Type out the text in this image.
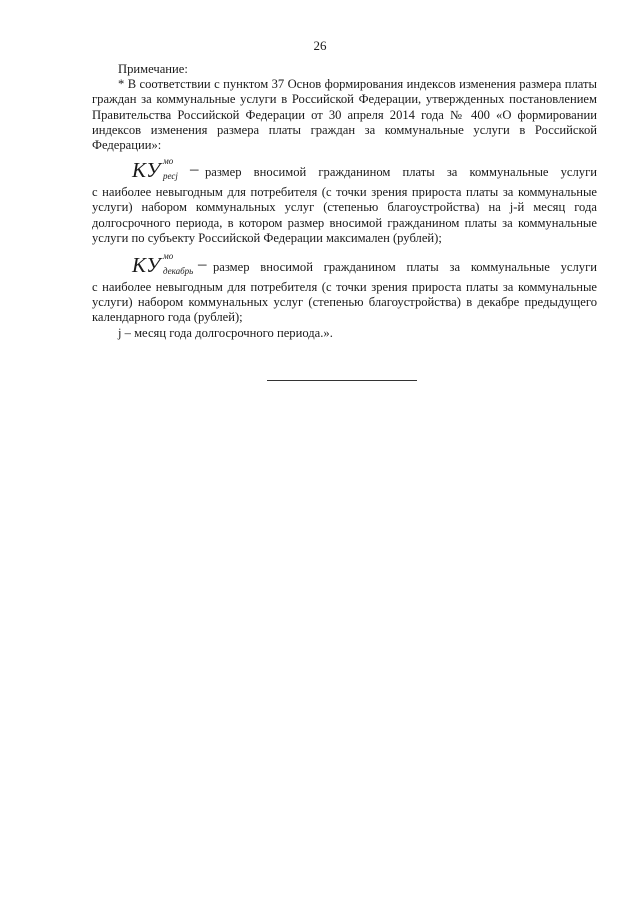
26

Примечание:

* В соответствии с пунктом 37 Основ формирования индексов изменения размера платы граждан за коммунальные услуги в Российской Федерации, утвержденных постановлением Правительства Российской Федерации от 30 апреля 2014 года № 400 «О формировании индексов изменения размера платы граждан за коммунальные услуги в Российской Федерации»:

КУ мо
ресj – размер вносимой гражданином платы за коммунальные услуги

с наиболее невыгодным для потребителя (с точки зрения прироста платы за коммунальные услуги) набором коммунальных услуг (степенью благоустройства) на j-й месяц года долгосрочного периода, в котором размер вносимой гражданином платы за коммунальные услуги по субъекту Российской Федерации максимален (рублей);

КУ мо
декабрь – размер вносимой гражданином платы за коммунальные услуги

с наиболее невыгодным для потребителя (с точки зрения прироста платы за коммунальные услуги) набором коммунальных услуг (степенью благоустройства) в декабре предыдущего календарного года (рублей);

j – месяц года долгосрочного периода.».
